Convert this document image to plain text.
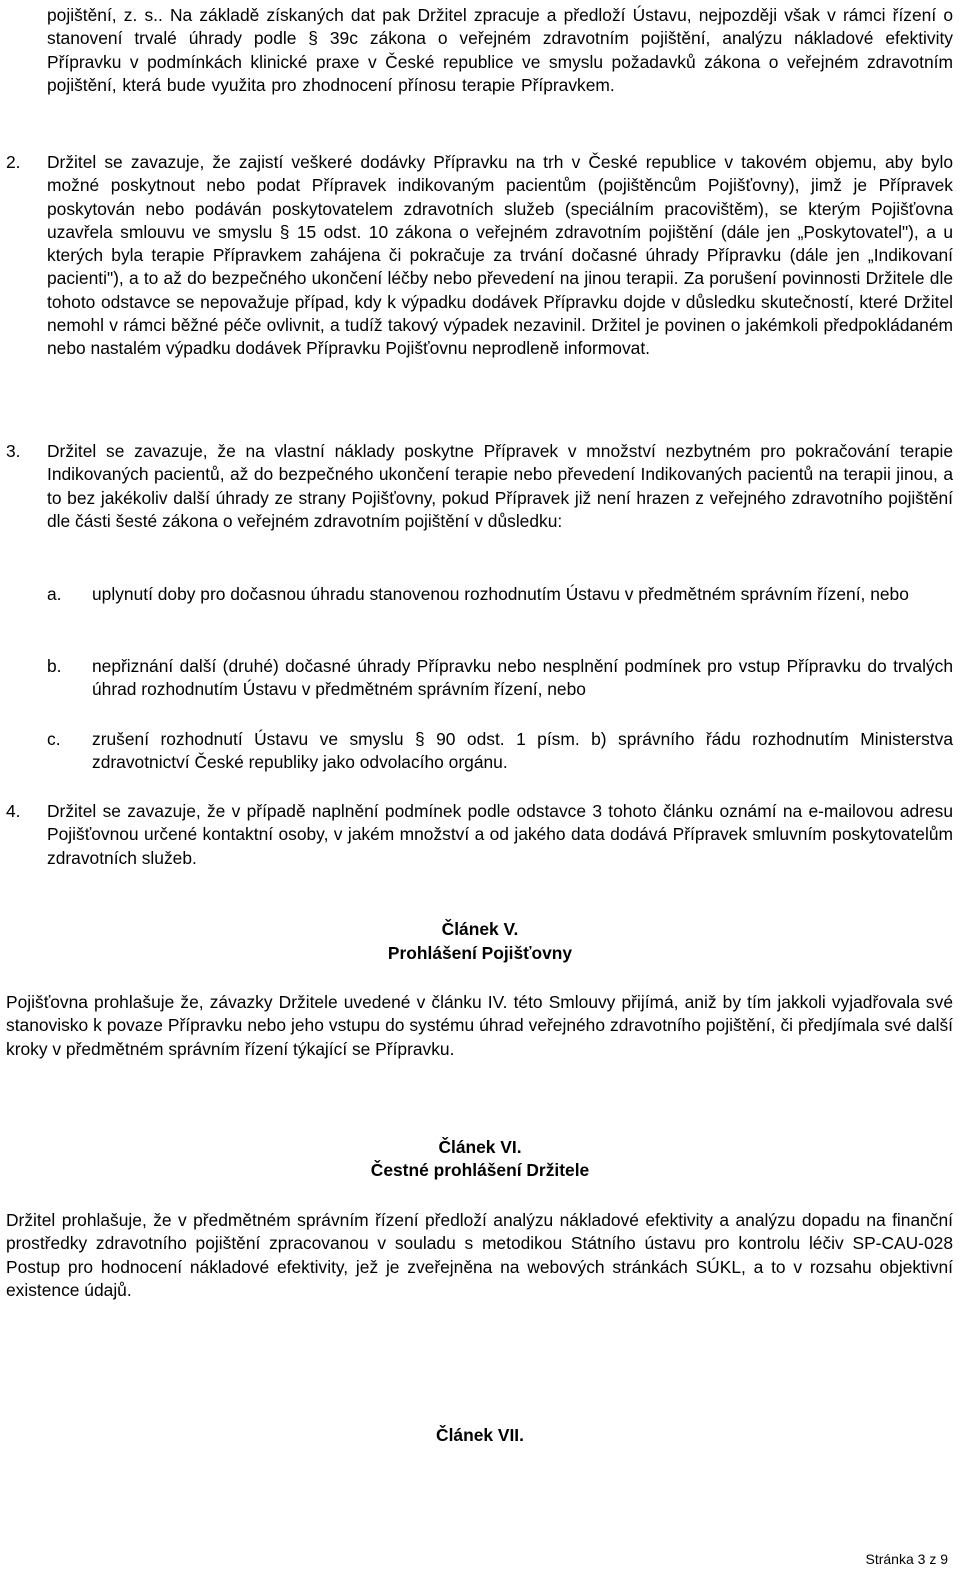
pojištění, z. s.. Na základě získaných dat pak Držitel zpracuje a předloží Ústavu, nejpozději však v rámci řízení o stanovení trvalé úhrady podle § 39c zákona o veřejném zdravotním pojištění, analýzu nákladové efektivity Přípravku v podmínkách klinické praxe v České republice ve smyslu požadavků zákona o veřejném zdravotním pojištění, která bude využita pro zhodnocení přínosu terapie Přípravkem.

2. Držitel se zavazuje, že zajistí veškeré dodávky Přípravku na trh v České republice v takovém objemu, aby bylo možné poskytnout nebo podat Přípravek indikovaným pacientům (pojištěncům Pojišťovny), jimž je Přípravek poskytován nebo podáván poskytovatelem zdravotních služeb (speciálním pracovištěm), se kterým Pojišťovna uzavřela smlouvu ve smyslu § 15 odst. 10 zákona o veřejném zdravotním pojištění (dále jen „Poskytovatel"), a u kterých byla terapie Přípravkem zahájena či pokračuje za trvání dočasné úhrady Přípravku (dále jen „Indikovaní pacienti"), a to až do bezpečného ukončení léčby nebo převedení na jinou terapii. Za porušení povinnosti Držitele dle tohoto odstavce se nepovažuje případ, kdy k výpadku dodávek Přípravku dojde v důsledku skutečností, které Držitel nemohl v rámci běžné péče ovlivnit, a tudíž takový výpadek nezavinil. Držitel je povinen o jakémkoli předpokládaném nebo nastalém výpadku dodávek Přípravku Pojišťovnu neprodleně informovat.

3. Držitel se zavazuje, že na vlastní náklady poskytne Přípravek v množství nezbytném pro pokračování terapie Indikovaných pacientů, až do bezpečného ukončení terapie nebo převedení Indikovaných pacientů na terapii jinou, a to bez jakékoliv další úhrady ze strany Pojišťovny, pokud Přípravek již není hrazen z veřejného zdravotního pojištění dle části šesté zákona o veřejném zdravotním pojištění v důsledku:

a. uplynutí doby pro dočasnou úhradu stanovenou rozhodnutím Ústavu v předmětném správním řízení, nebo

b. nepřiznání další (druhé) dočasné úhrady Přípravku nebo nesplnění podmínek pro vstup Přípravku do trvalých úhrad rozhodnutím Ústavu v předmětném správním řízení, nebo

c. zrušení rozhodnutí Ústavu ve smyslu § 90 odst. 1 písm. b) správního řádu rozhodnutím Ministerstva zdravotnictví České republiky jako odvolacího orgánu.

4. Držitel se zavazuje, že v případě naplnění podmínek podle odstavce 3 tohoto článku oznámí na e-mailovou adresu Pojišťovnou určené kontaktní osoby, v jakém množství a od jakého data dodává Přípravek smluvním poskytovatelům zdravotních služeb.

Článek V.

Prohlášení Pojišťovny

Pojišťovna prohlašuje že, závazky Držitele uvedené v článku IV. této Smlouvy přijímá, aniž by tím jakkoli vyjadřovala své stanovisko k povaze Přípravku nebo jeho vstupu do systému úhrad veřejného zdravotního pojištění, či předjímala své další kroky v předmětném správním řízení týkající se Přípravku.

Článek VI.

Čestné prohlášení Držitele

Držitel prohlašuje, že v předmětném správním řízení předloží analýzu nákladové efektivity a analýzu dopadu na finanční prostředky zdravotního pojištění zpracovanou v souladu s metodikou Státního ústavu pro kontrolu léčiv SP-CAU-028 Postup pro hodnocení nákladové efektivity, jež je zveřejněna na webových stránkách SÚKL, a to v rozsahu objektivní existence údajů.

Článek VII.

Stránka 3 z 9
